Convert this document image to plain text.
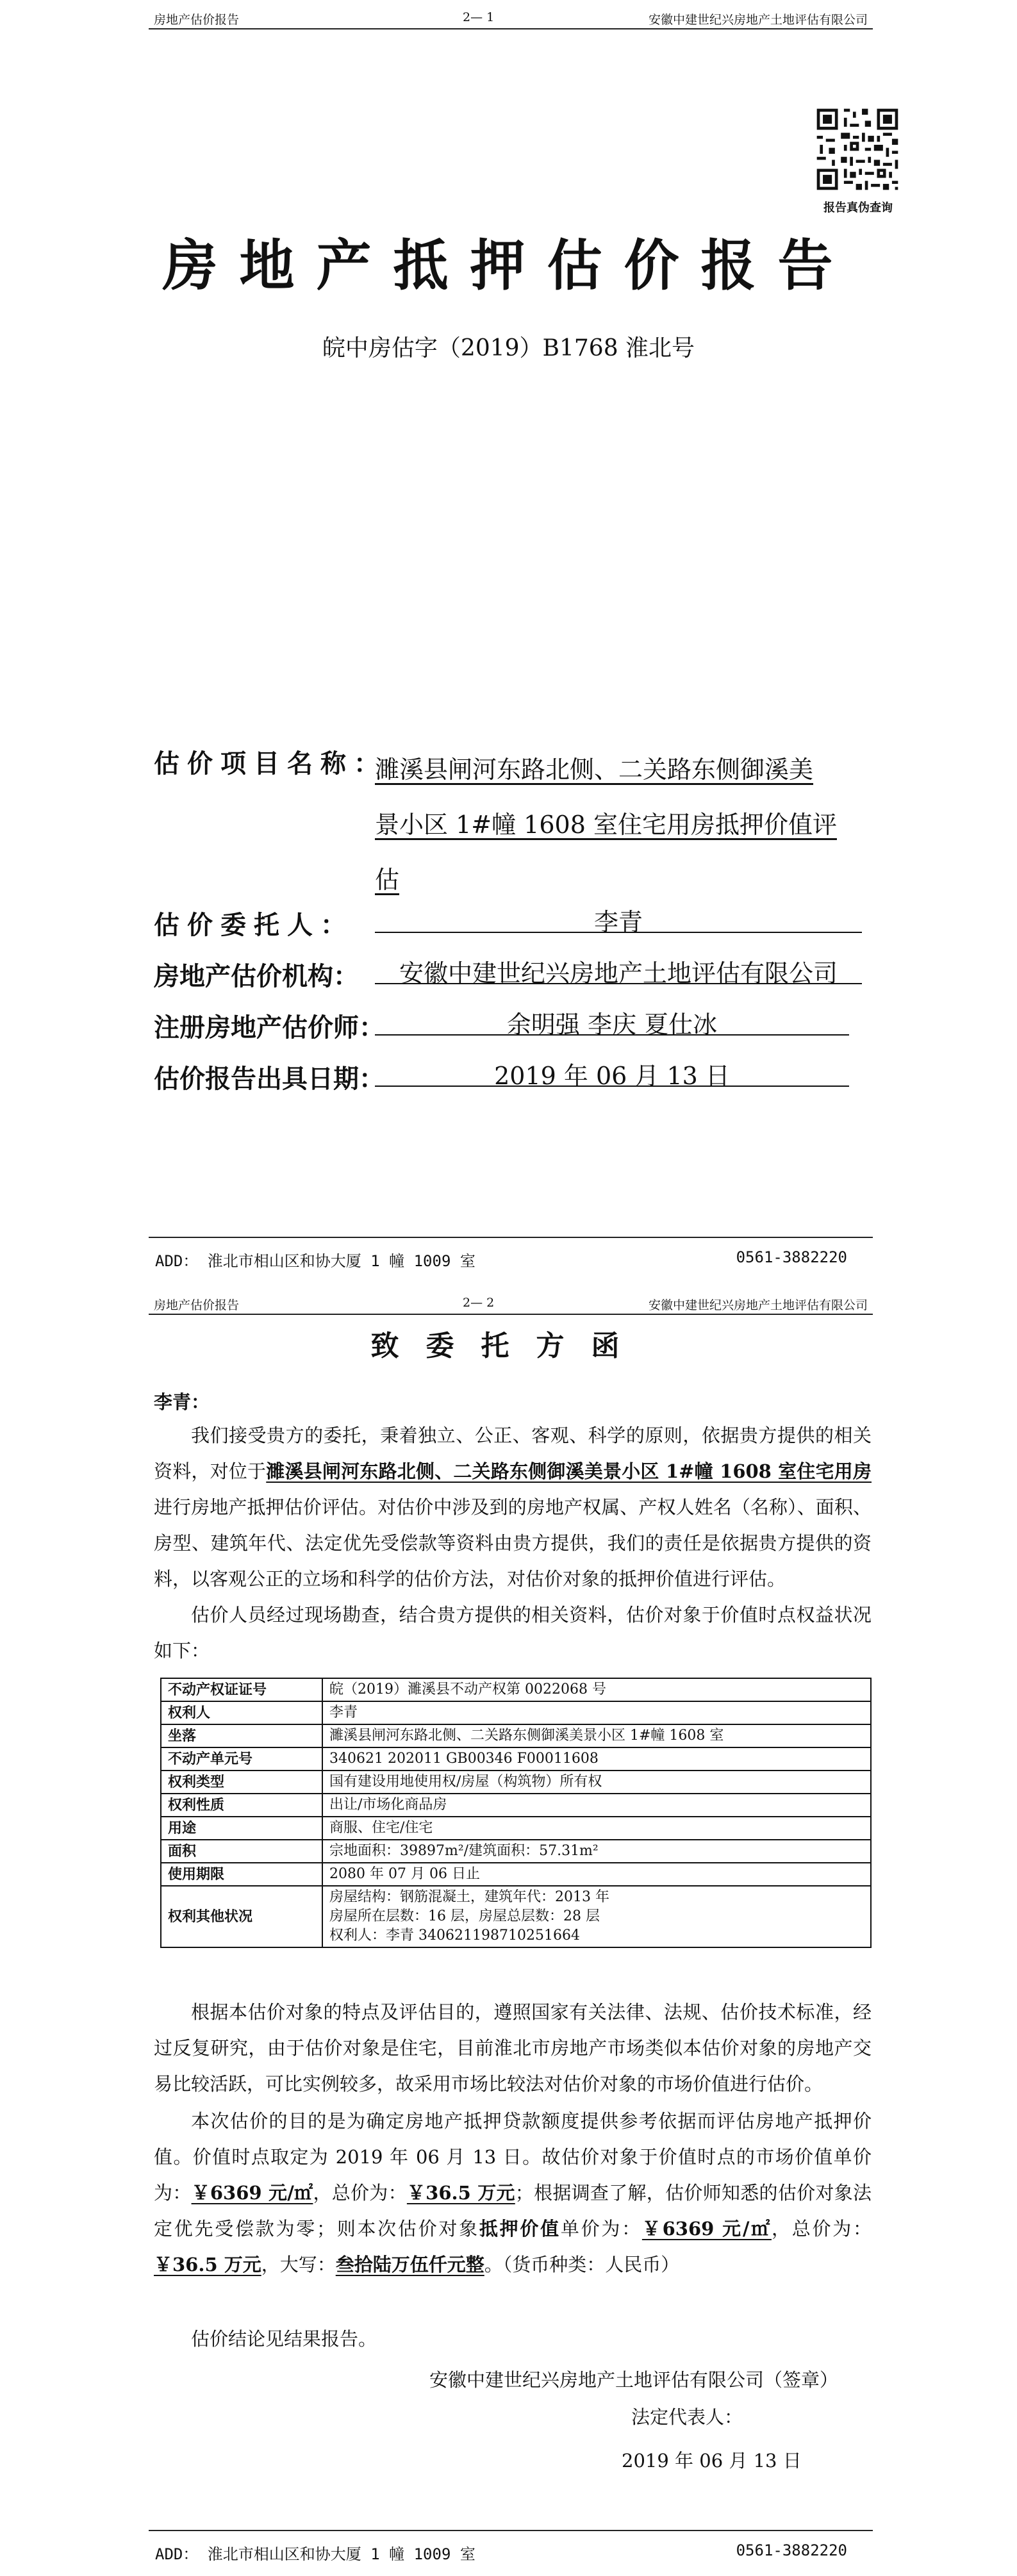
房地产估价报告	2— 1	安徽中建世纪兴房地产土地评估有限公司
报告真伪查询
房地产抵押估价报告
皖中房估字（2019）B1768 淮北号
估价项目名称：
濉溪县闸河东路北侧、二关路东侧御溪美
景小区 1#幢 1608 室住宅用房抵押价值评
估
估价委托人：	李青
房地产估价机构：	安徽中建世纪兴房地产土地评估有限公司
注册房地产估价师：	余明强 李庆 夏仕冰
估价报告出具日期：	2019 年 06 月 13 日
ADD： 淮北市相山区和协大厦 1 幢 1009 室	0561-3882220
房地产估价报告	2— 2	安徽中建世纪兴房地产土地评估有限公司
致委托方函
李青：
我们接受贵方的委托，秉着独立、公正、客观、科学的原则，依据贵方提供的相关资料，对位于濉溪县闸河东路北侧、二关路东侧御溪美景小区 1#幢 1608 室住宅用房进行房地产抵押估价评估。对估价中涉及到的房地产权属、产权人姓名（名称）、面积、房型、建筑年代、法定优先受偿款等资料由贵方提供，我们的责任是依据贵方提供的资料，以客观公正的立场和科学的估价方法，对估价对象的抵押价值进行评估。
估价人员经过现场勘查，结合贵方提供的相关资料，估价对象于价值时点权益状况如下：
不动产权证证号	皖（2019）濉溪县不动产权第 0022068 号

权利人	李青

坐落	濉溪县闸河东路北侧、二关路东侧御溪美景小区 1#幢 1608 室

不动产单元号	340621 202011 GB00346 F00011608

权利类型	国有建设用地使用权/房屋（构筑物）所有权

权利性质	出让/市场化商品房

用途	商服、住宅/住宅

面积	宗地面积：39897m²/建筑面积：57.31m²

使用期限	2080 年 07 月 06 日止

权利其他状况	房屋结构：钢筋混凝土，建筑年代：2013 年
房屋所在层数：16 层，房屋总层数：28 层
权利人：李青 340621198710251664
根据本估价对象的特点及评估目的，遵照国家有关法律、法规、估价技术标准，经过反复研究，由于估价对象是住宅，目前淮北市房地产市场类似本估价对象的房地产交易比较活跃，可比实例较多，故采用市场比较法对估价对象的市场价值进行估价。
本次估价的目的是为确定房地产抵押贷款额度提供参考依据而评估房地产抵押价值。价值时点取定为 2019 年 06 月 13 日。故估价对象于价值时点的市场价值单价为：￥6369 元/㎡，总价为：￥36.5 万元；根据调查了解，估价师知悉的估价对象法定优先受偿款为零；则本次估价对象抵押价值单价为：￥6369 元/㎡，总价为：￥36.5 万元，大写：叁拾陆万伍仟元整。（货币种类：人民币）
估价结论见结果报告。
安徽中建世纪兴房地产土地评估有限公司（签章）
法定代表人：
2019 年 06 月 13 日
ADD： 淮北市相山区和协大厦 1 幢 1009 室	0561-3882220
